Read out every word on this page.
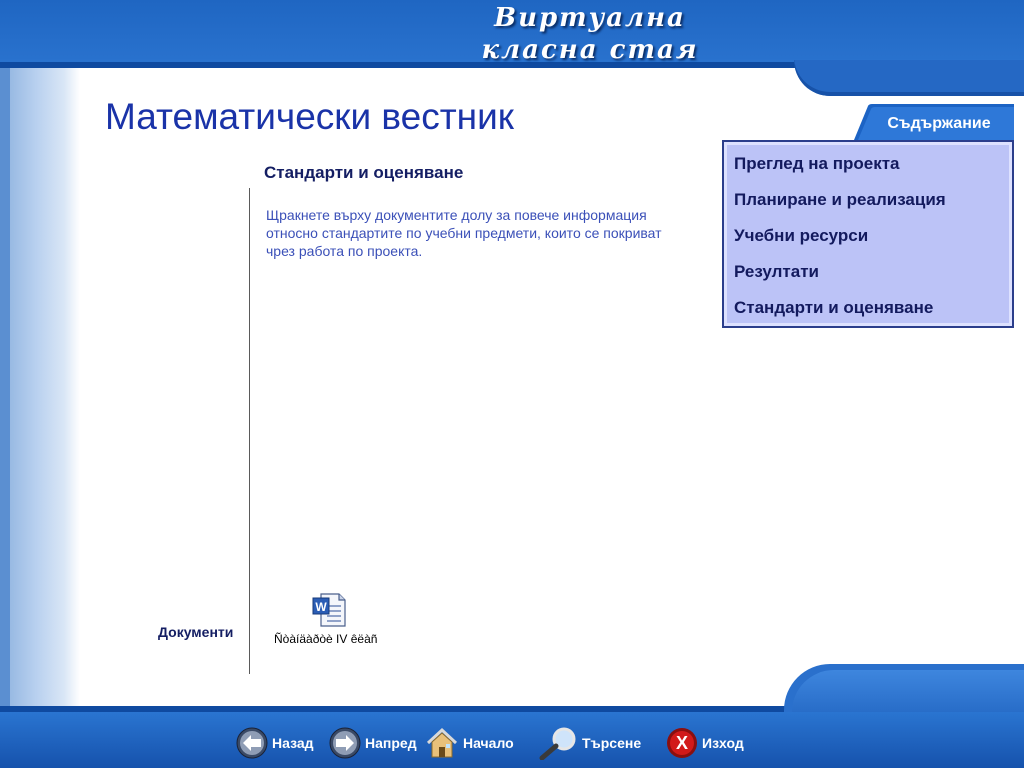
Виртуална класна стая
Математически вестник
Стандарти и оценяване
Щракнете върху документите долу за повече информация относно стандартите по учебни предмети, които се покриват чрез работа по проекта.
Документи
W
Ñòàíäàðòè IV êëàñ
Съдържание
Преглед на проекта
Планиране и реализация
Учебни ресурси
Резултати
Стандарти и оценяване
Назад	Напред	Начало	Търсене X Изход
